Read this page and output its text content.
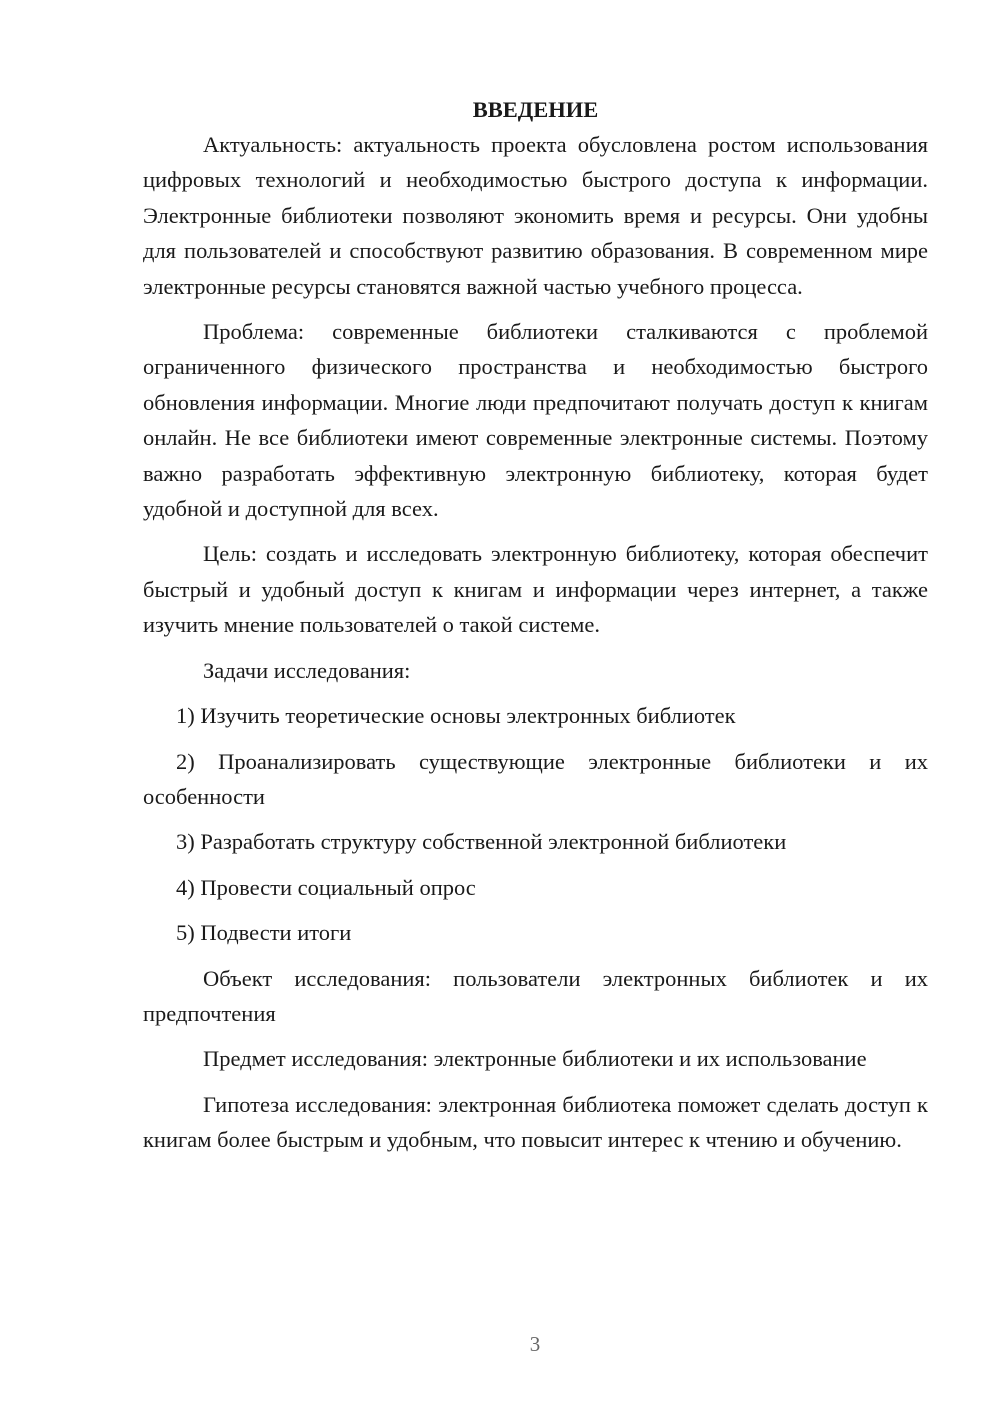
ВВЕДЕНИЕ

Актуальность: актуальность проекта обусловлена ростом использования цифровых технологий и необходимостью быстрого доступа к информации. Электронные библиотеки позволяют экономить время и ресурсы. Они удобны для пользователей и способствуют развитию образования. В современном мире электронные ресурсы становятся важной частью учебного процесса.

Проблема: современные библиотеки сталкиваются с проблемой ограниченного физического пространства и необходимостью быстрого обновления информации. Многие люди предпочитают получать доступ к книгам онлайн. Не все библиотеки имеют современные электронные системы. Поэтому важно разработать эффективную электронную библиотеку, которая будет удобной и доступной для всех.

Цель: создать и исследовать электронную библиотеку, которая обеспечит быстрый и удобный доступ к книгам и информации через интернет, а также изучить мнение пользователей о такой системе.

Задачи исследования:

1) Изучить теоретические основы электронных библиотек

2) Проанализировать существующие электронные библиотеки и их особенности

3) Разработать структуру собственной электронной библиотеки

4) Провести социальный опрос

5) Подвести итоги

Объект исследования: пользователи электронных библиотек и их предпочтения

Предмет исследования: электронные библиотеки и их использование

Гипотеза исследования: электронная библиотека поможет сделать доступ к книгам более быстрым и удобным, что повысит интерес к чтению и обучению.

3
